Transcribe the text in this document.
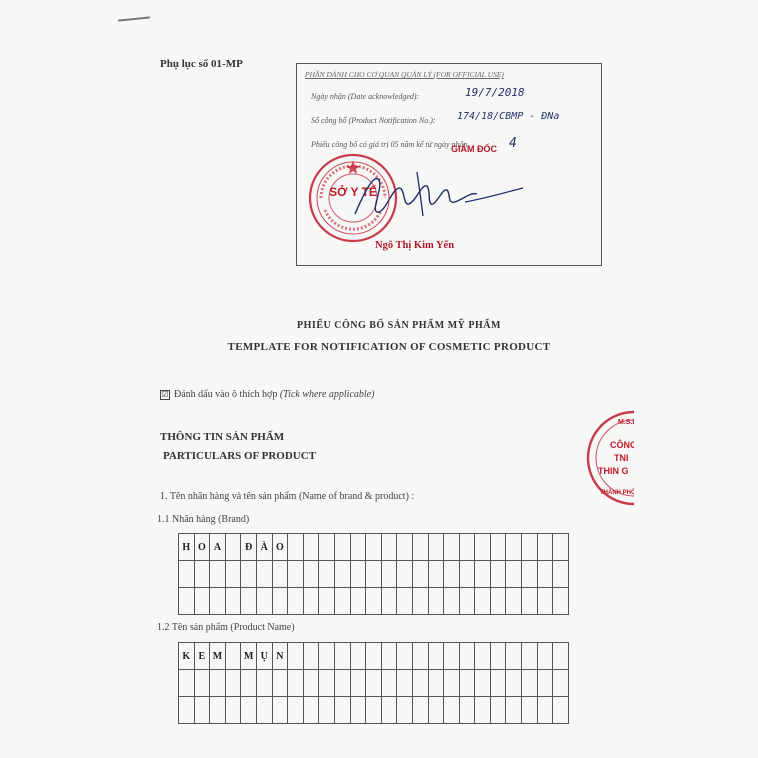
Phụ lục số 01-MP
PHẦN DÀNH CHO CƠ QUAN QUẢN LÝ (FOR OFFICIAL USE)
Ngày nhận (Date acknowledged):	19/7/2018
Số công bố (Product Notification No.): 174/18/CBMP - ĐNa
Phiếu công bố có giá trị 05 năm kể từ ngày nhận	4
GIÁM ĐỐC
SỞ Y TẾ
Ngô Thị Kim Yến
PHIẾU CÔNG BỐ SẢN PHẨM MỸ PHẨM
TEMPLATE FOR NOTIFICATION OF COSMETIC PRODUCT
☑ Đánh dấu vào ô thích hợp (Tick where applicable)
THÔNG TIN SẢN PHẨM
PARTICULARS OF PRODUCT
1. Tên nhãn hàng và tên sản phẩm (Name of brand & product) :
1.1 Nhãn hàng (Brand)
H	O	A		Đ	À	O																		

1.2 Tên sản phẩm (Product Name)
K	E	M		M	Ụ	N																		

M.S.D.N: 040110
CÔNG
TNI
THIN G
THÀNH PHỐ
